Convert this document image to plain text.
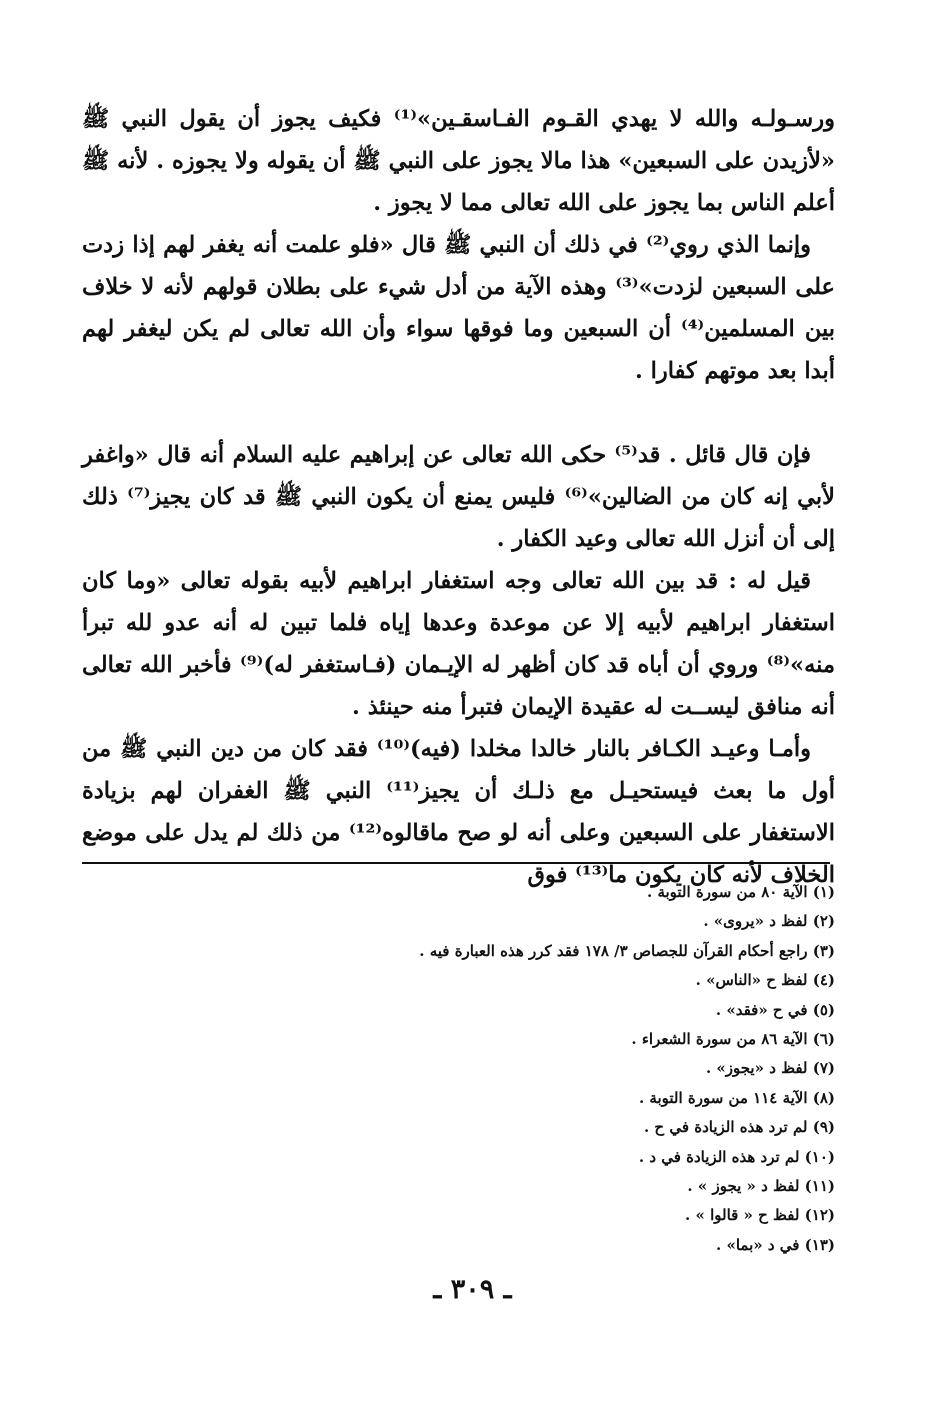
ورسـولـه والله لا يهدي القـوم الفـاسقـين»⁽¹⁾ فكيف يجوز أن يقول النبي ﷺ «لأزيدن على السبعين» هذا مالا يجوز على النبي ﷺ أن يقوله ولا يجوزه . لأنه ﷺ أعلم الناس بما يجوز على الله تعالى مما لا يجوز .

وإنما الذي روي⁽²⁾ في ذلك أن النبي ﷺ قال «فلو علمت أنه يغفر لهم إذا زدت على السبعين لزدت»⁽³⁾ وهذه الآية من أدل شيء على بطلان قولهم لأنه لا خلاف بين المسلمين⁽⁴⁾ أن السبعين وما فوقها سواء وأن الله تعالى لم يكن ليغفر لهم أبدا بعد موتهم كفارا .

فإن قال قائل . قد⁽⁵⁾ حكى الله تعالى عن إبراهيم عليه السلام أنه قال «واغفر لأبي إنه كان من الضالين»⁽⁶⁾ فليس يمنع أن يكون النبي ﷺ قد كان يجيز⁽⁷⁾ ذلك إلى أن أنزل الله تعالى وعيد الكفار .

قيل له : قد بين الله تعالى وجه استغفار ابراهيم لأبيه بقوله تعالى «وما كان استغفار ابراهيم لأبيه إلا عن موعدة وعدها إياه فلما تبين له أنه عدو لله تبرأ منه»⁽⁸⁾ وروي أن أباه قد كان أظهر له الإيـمان (فـاستغفر له)⁽⁹⁾ فأخبر الله تعالى أنه منافق ليســت له عقيدة الإيمان فتبرأ منه حينئذ .

وأمـا وعيـد الكـافر بالنار خالدا مخلدا (فيه)⁽¹⁰⁾ فقد كان من دين النبي ﷺ من أول ما بعث فيستحيـل مع ذلـك أن يجيز⁽¹¹⁾ النبي ﷺ الغفران لهم بزيادة الاستغفار على السبعين وعلى أنه لو صح ماقالوه⁽¹²⁾ من ذلك لم يدل على موضع الخلاف لأنه كان يكون ما⁽¹³⁾ فوق

(١) الآية ٨٠ من سورة التوبة .
(٢) لفظ د «يروى» .
(٣) راجع أحكام القرآن للجصاص ٣/ ١٧٨ فقد كرر هذه العبارة فيه .
(٤) لفظ ح «الناس» .
(٥) في ح «فقد» .
(٦) الآية ٨٦ من سورة الشعراء .
(٧) لفظ د «يجوز» .
(٨) الآية ١١٤ من سورة التوبة .
(٩) لم ترد هذه الزيادة في ح .
(١٠) لم ترد هذه الزيادة في د .
(١١) لفظ د « يجوز » .
(١٢) لفظ ح « قالوا » .
(١٣) في د «بما» .
ـ ٣٠٩ ـ
